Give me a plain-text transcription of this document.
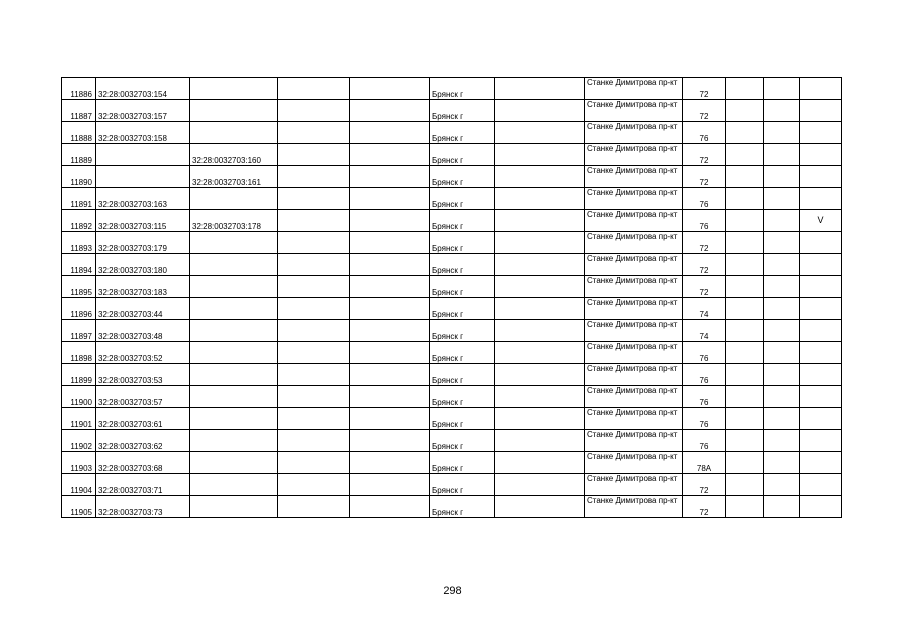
11886	32:28:0032703:154				Брянск г		Станке Димитрова пр-кт	72			
11887	32:28:0032703:157				Брянск г		Станке Димитрова пр-кт	72			
11888	32:28:0032703:158				Брянск г		Станке Димитрова пр-кт	76			
11889		32:28:0032703:160			Брянск г		Станке Димитрова пр-кт	72			
11890		32:28:0032703:161			Брянск г		Станке Димитрова пр-кт	72			
11891	32:28:0032703:163				Брянск г		Станке Димитрова пр-кт	76			
11892	32:28:0032703:115	32:28:0032703:178			Брянск г		Станке Димитрова пр-кт	76			V
11893	32:28:0032703:179				Брянск г		Станке Димитрова пр-кт	72			
11894	32:28:0032703:180				Брянск г		Станке Димитрова пр-кт	72			
11895	32:28:0032703:183				Брянск г		Станке Димитрова пр-кт	72			
11896	32:28:0032703:44				Брянск г		Станке Димитрова пр-кт	74			
11897	32:28:0032703:48				Брянск г		Станке Димитрова пр-кт	74			
11898	32:28:0032703:52				Брянск г		Станке Димитрова пр-кт	76			
11899	32:28:0032703:53				Брянск г		Станке Димитрова пр-кт	76			
11900	32:28:0032703:57				Брянск г		Станке Димитрова пр-кт	76			
11901	32:28:0032703:61				Брянск г		Станке Димитрова пр-кт	76			
11902	32:28:0032703:62				Брянск г		Станке Димитрова пр-кт	76			
11903	32:28:0032703:68				Брянск г		Станке Димитрова пр-кт	78А			
11904	32:28:0032703:71				Брянск г		Станке Димитрова пр-кт	72			
11905	32:28:0032703:73				Брянск г		Станке Димитрова пр-кт	72			
298
